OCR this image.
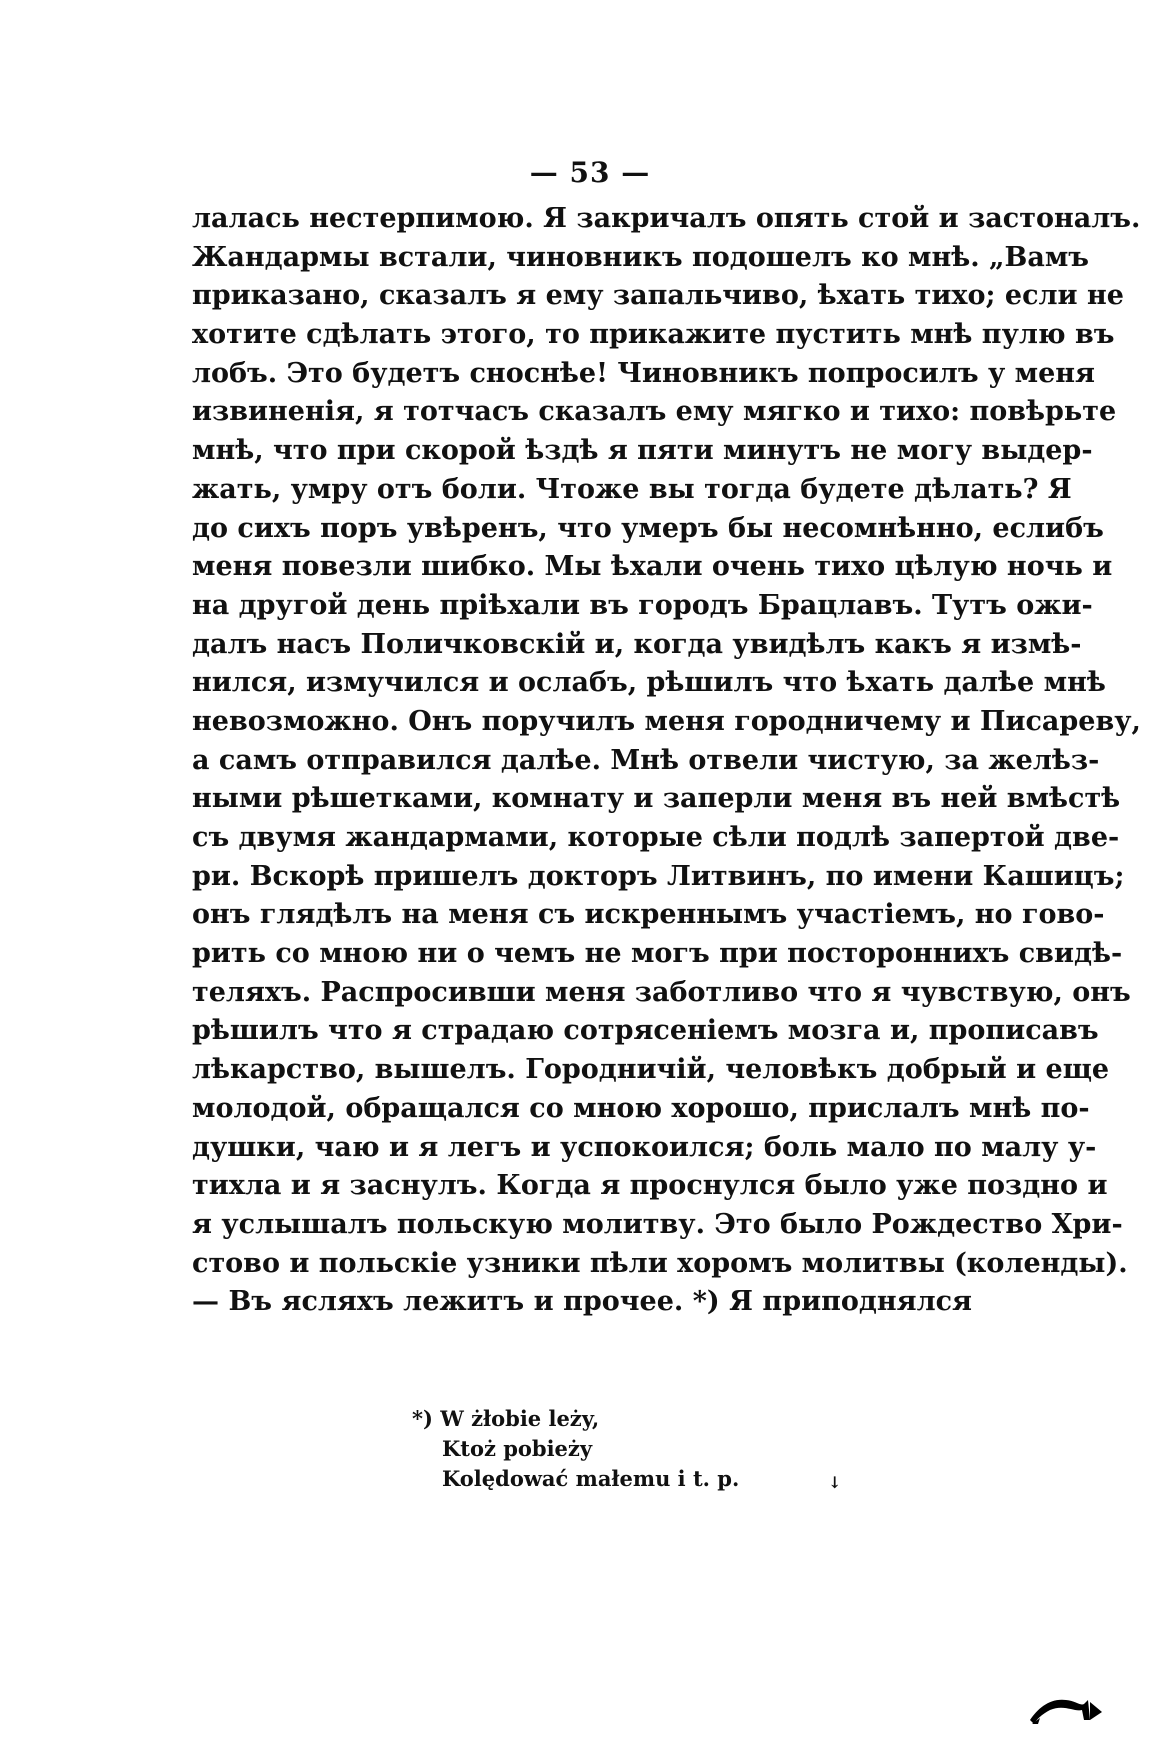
— 53 —
лалась нестерпимою. Я закричалъ опять стой и застоналъ.
Жандармы встали, чиновникъ подошелъ ко мнѣ. „Вамъ
приказано, сказалъ я ему запальчиво, ѣхать тихо; если не
хотите сдѣлать этого, то прикажите пустить мнѣ пулю въ
лобъ. Это будетъ сноснѣе! Чиновникъ попросилъ у меня
извиненія, я тотчасъ сказалъ ему мягко и тихо: повѣрьте
мнѣ, что при скорой ѣздѣ я пяти минутъ не могу выдер-
жать, умру отъ боли. Чтоже вы тогда будете дѣлать? Я
до сихъ поръ увѣренъ, что умеръ бы несомнѣнно, еслибъ
меня повезли шибко. Мы ѣхали очень тихо цѣлую ночь и
на другой день пріѣхали въ городъ Брацлавъ. Тутъ ожи-
далъ насъ Поличковскій и, когда увидѣлъ какъ я измѣ-
нился, измучился и ослабъ, рѣшилъ что ѣхать далѣе мнѣ
невозможно. Онъ поручилъ меня городничему и Писареву,
а самъ отправился далѣе. Мнѣ отвели чистую, за желѣз-
ными рѣшетками, комнату и заперли меня въ ней вмѣстѣ
съ двумя жандармами, которые сѣли подлѣ запертой две-
ри. Вскорѣ пришелъ докторъ Литвинъ, по имени Кашицъ;
онъ глядѣлъ на меня съ искреннымъ участіемъ, но гово-
рить со мною ни о чемъ не могъ при постороннихъ свидѣ-
теляхъ. Распросивши меня заботливо что я чувствую, онъ
рѣшилъ что я страдаю сотрясеніемъ мозга и, прописавъ
лѣкарство, вышелъ. Городничій, человѣкъ добрый и еще
молодой, обращался со мною хорошо, прислалъ мнѣ по-
душки, чаю и я легъ и успокоился; боль мало по малу у-
тихла и я заснулъ. Когда я проснулся было уже поздно и
я услышалъ польскую молитву. Это было Рождество Хри-
стово и польскіе узники пѣли хоромъ молитвы (коленды).
— Въ ясляхъ лежитъ и прочее. *) Я приподнялся
*) W żłobie leży,
Ktoż pobieży
Kolędować małemu i t. p.	↓
